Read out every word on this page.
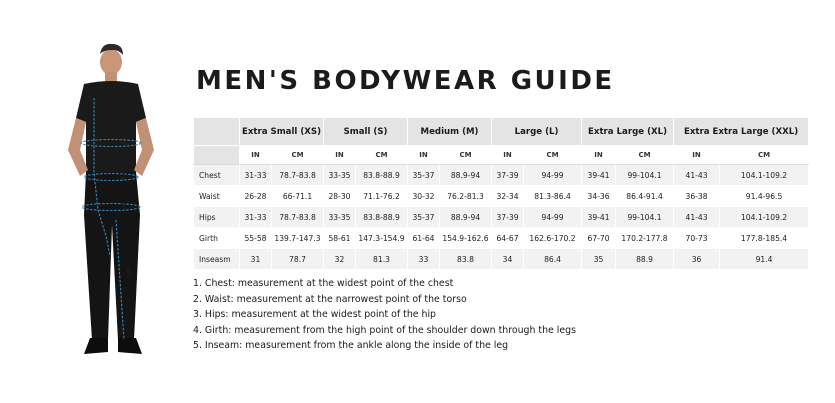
1
2
3
4
5
MEN'S BODYWEAR GUIDE
	Extra Small (XS)		Small (S)		Medium (M)		Large (L)		Extra Large (XL)		Extra Extra Large (XXL)	
	IN	CM	IN	CM	IN	CM	IN	CM	IN	CM	IN	CM
Chest	31-33	78.7-83.8	33-35	83.8-88.9	35-37	88.9-94	37-39	94-99	39-41	99-104.1	41-43	104.1-109.2
Waist	26-28	66-71.1	28-30	71.1-76.2	30-32	76.2-81.3	32-34	81.3-86.4	34-36	86.4-91.4	36-38	91.4-96.5
Hips	31-33	78.7-83.8	33-35	83.8-88.9	35-37	88.9-94	37-39	94-99	39-41	99-104.1	41-43	104.1-109.2
Girth	55-58	139.7-147.3	58-61	147.3-154.9	61-64	154.9-162.6	64-67	162.6-170.2	67-70	170.2-177.8	70-73	177.8-185.4
Inseasm	31	78.7	32	81.3	33	83.8	34	86.4	35	88.9	36	91.4
1. Chest: measurement at the widest point of the chest
2. Waist: measurement at the narrowest point of the torso
3. Hips: measurement at the widest point of the hip
4. Girth: measurement from the high point of the shoulder down through the legs
5. Inseam: measurement from the ankle along the inside of the leg
